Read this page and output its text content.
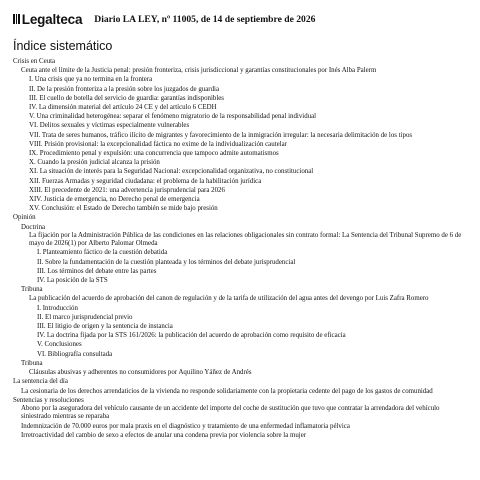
Legalteca Diario LA LEY, nº 11005, de 14 de septiembre de 2026
Índice sistemático
Crisis en Ceuta
Ceuta ante el límite de la Justicia penal: presión fronteriza, crisis jurisdiccional y garantías constitucionales por Inés Alba Palerm
I. Una crisis que ya no termina en la frontera
II. De la presión fronteriza a la presión sobre los juzgados de guardia
III. El cuello de botella del servicio de guardia: garantías indisponibles
IV. La dimensión material del artículo 24 CE y del artículo 6 CEDH
V. Una criminalidad heterogénea: separar el fenómeno migratorio de la responsabilidad penal individual
VI. Delitos sexuales y víctimas especialmente vulnerables
VII. Trata de seres humanos, tráfico ilícito de migrantes y favorecimiento de la inmigración irregular: la necesaria delimitación de los tipos
VIII. Prisión provisional: la excepcionalidad fáctica no exime de la individualización cautelar
IX. Procedimiento penal y expulsión: una concurrencia que tampoco admite automatismos
X. Cuando la presión judicial alcanza la prisión
XI. La situación de interés para la Seguridad Nacional: excepcionalidad organizativa, no constitucional
XII. Fuerzas Armadas y seguridad ciudadana: el problema de la habilitación jurídica
XIII. El precedente de 2021: una advertencia jurisprudencial para 2026
XIV. Justicia de emergencia, no Derecho penal de emergencia
XV. Conclusión: el Estado de Derecho también se mide bajo presión
Opinión
Doctrina
La fijación por la Administración Pública de las condiciones en las relaciones obligacionales sin contrato formal: La Sentencia del Tribunal Supremo de 6 de mayo de 2026(1) por Alberto Palomar Olmeda
I. Planteamiento fáctico de la cuestión debatida
II. Sobre la fundamentación de la cuestión planteada y los términos del debate jurisprudencial
III. Los términos del debate entre las partes
IV. La posición de la STS
Tribuna
La publicación del acuerdo de aprobación del canon de regulación y de la tarifa de utilización del agua antes del devengo por Luis Zafra Romero
I. Introducción
II. El marco jurisprudencial previo
III. El litigio de origen y la sentencia de instancia
IV. La doctrina fijada por la STS 161/2026: la publicación del acuerdo de aprobación como requisito de eficacia
V. Conclusiones
VI. Bibliografía consultada
Tribuna
Cláusulas abusivas y adherentes no consumidores por Aquilino Yáñez de Andrés
La sentencia del día
La cesionaria de los derechos arrendaticios de la vivienda no responde solidariamente con la propietaria cedente del pago de los gastos de comunidad
Sentencias y resoluciones
Abono por la aseguradora del vehículo causante de un accidente del importe del coche de sustitución que tuvo que contratar la arrendadora del vehículo siniestrado mientras se reparaba
Indemnización de 70.000 euros por mala praxis en el diagnóstico y tratamiento de una enfermedad inflamatoria pélvica
Irretroactividad del cambio de sexo a efectos de anular una condena previa por violencia sobre la mujer
